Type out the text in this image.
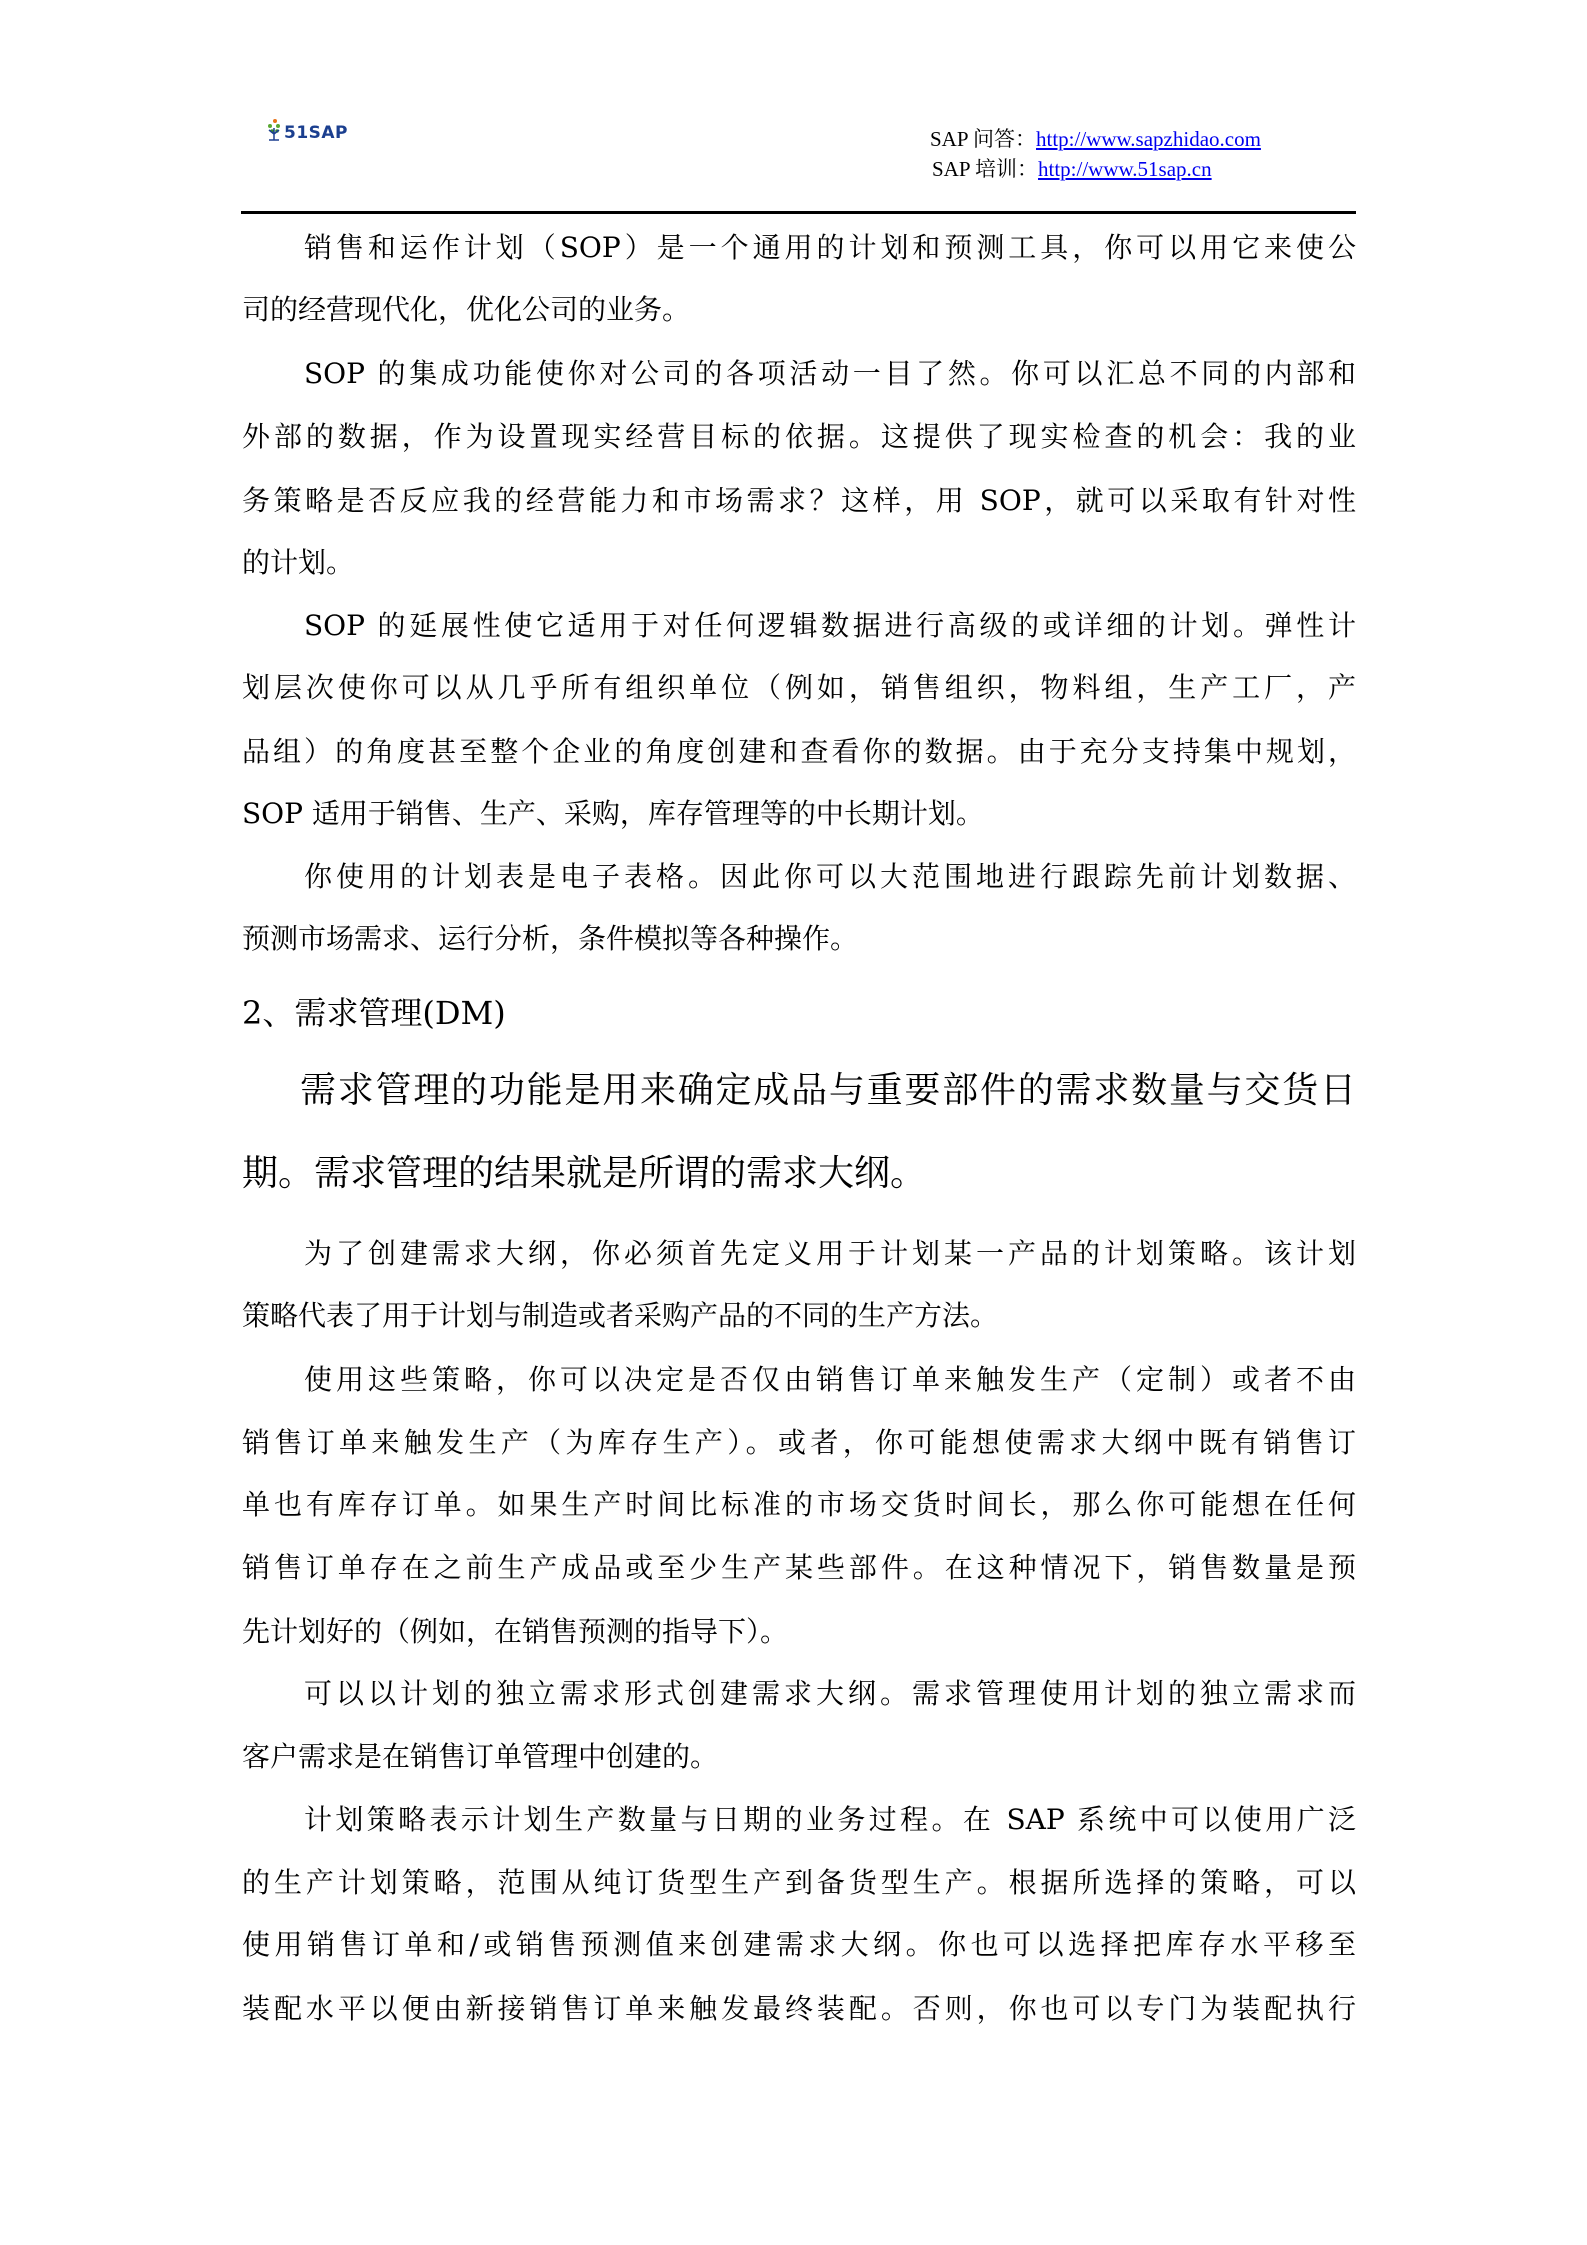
51SAP	SAP 问答：http://www.sapzhidao.com
SAP 培训：http://www.51sap.cn
销售和运作计划（SOP）是一个通用的计划和预测工具，你可以用它来使公
司的经营现代化，优化公司的业务。
SOP 的集成功能使你对公司的各项活动一目了然。你可以汇总不同的内部和
外部的数据，作为设置现实经营目标的依据。这提供了现实检查的机会：我的业
务策略是否反应我的经营能力和市场需求？这样，用 SOP，就可以采取有针对性
的计划。
SOP 的延展性使它适用于对任何逻辑数据进行高级的或详细的计划。弹性计
划层次使你可以从几乎所有组织单位（例如，销售组织，物料组，生产工厂，产
品组）的角度甚至整个企业的角度创建和查看你的数据。由于充分支持集中规划，
SOP 适用于销售、生产、采购，库存管理等的中长期计划。
你使用的计划表是电子表格。因此你可以大范围地进行跟踪先前计划数据、
预测市场需求、运行分析，条件模拟等各种操作。
2、需求管理(DM)
需求管理的功能是用来确定成品与重要部件的需求数量与交货日
期。需求管理的结果就是所谓的需求大纲。
为了创建需求大纲，你必须首先定义用于计划某一产品的计划策略。该计划
策略代表了用于计划与制造或者采购产品的不同的生产方法。
使用这些策略，你可以决定是否仅由销售订单来触发生产（定制）或者不由
销售订单来触发生产（为库存生产）。或者，你可能想使需求大纲中既有销售订
单也有库存订单。如果生产时间比标准的市场交货时间长，那么你可能想在任何
销售订单存在之前生产成品或至少生产某些部件。在这种情况下，销售数量是预
先计划好的（例如，在销售预测的指导下）。
可以以计划的独立需求形式创建需求大纲。需求管理使用计划的独立需求而
客户需求是在销售订单管理中创建的。
计划策略表示计划生产数量与日期的业务过程。在 SAP 系统中可以使用广泛
的生产计划策略，范围从纯订货型生产到备货型生产。根据所选择的策略，可以
使用销售订单和/或销售预测值来创建需求大纲。你也可以选择把库存水平移至
装配水平以便由新接销售订单来触发最终装配。否则，你也可以专门为装配执行
